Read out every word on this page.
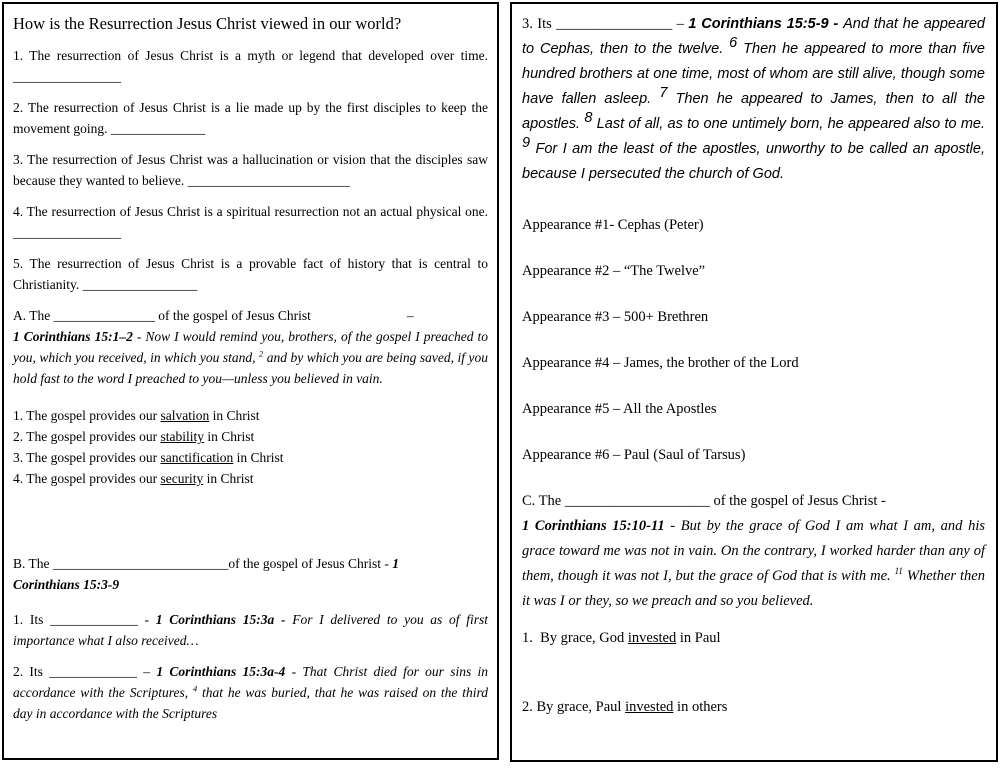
How is the Resurrection Jesus Christ viewed in our world?

1. The resurrection of Jesus Christ is a myth or legend that developed over time. ________________

2. The resurrection of Jesus Christ is a lie made up by the first disciples to keep the movement going. ______________

3. The resurrection of Jesus Christ was a hallucination or vision that the disciples saw because they wanted to believe. ________________________

4. The resurrection of Jesus Christ is a spiritual resurrection not an actual physical one. ________________

5. The resurrection of Jesus Christ is a provable fact of history that is central to Christianity. _________________

A. The _______________ of the gospel of Jesus Christ	–
1 Corinthians 15:1–2 - Now I would remind you, brothers, of the gospel I preached to you, which you received, in which you stand, $^2$ and by which you are being saved, if you hold fast to the word I preached to you—unless you believed in vain.

1. The gospel provides our salvation in Christ

2. The gospel provides our stability in Christ

3. The gospel provides our sanctification in Christ

4. The gospel provides our security in Christ

B. The __________________________of the gospel of Jesus Christ - 1
Corinthians 15:3-9

1. Its _____________ - 1 Corinthians 15:3a - For I delivered to you as of first importance what I also received…

2. Its _____________ – 1 Corinthians 15:3a-4 - That Christ died for our sins in accordance with the Scriptures, $^4$ that he was buried, that he was raised on the third day in accordance with the Scriptures

3. Its ________________ – 1 Corinthians 15:5-9 - And that he appeared to Cephas, then to the twelve. 6 Then he appeared to more than five hundred brothers at one time, most of whom are still alive, though some have fallen asleep. 7 Then he appeared to James, then to all the apostles. 8 Last of all, as to one untimely born, he appeared also to me. 9 For I am the least of the apostles, unworthy to be called an apostle, because I persecuted the church of God.

Appearance #1- Cephas (Peter)

Appearance #2 – “The Twelve”

Appearance #3 – 500+ Brethren

Appearance #4 – James, the brother of the Lord

Appearance #5 – All the Apostles

Appearance #6 – Paul (Saul of Tarsus)

C. The ____________________ of the gospel of Jesus Christ -
1 Corinthians 15:10-11 - But by the grace of God I am what I am, and his grace toward me was not in vain. On the contrary, I worked harder than any of them, though it was not I, but the grace of God that is with me. $^{11}$ Whether then it was I or they, so we preach and so you believed.

1.  By grace, God invested in Paul

2. By grace, Paul invested in others
